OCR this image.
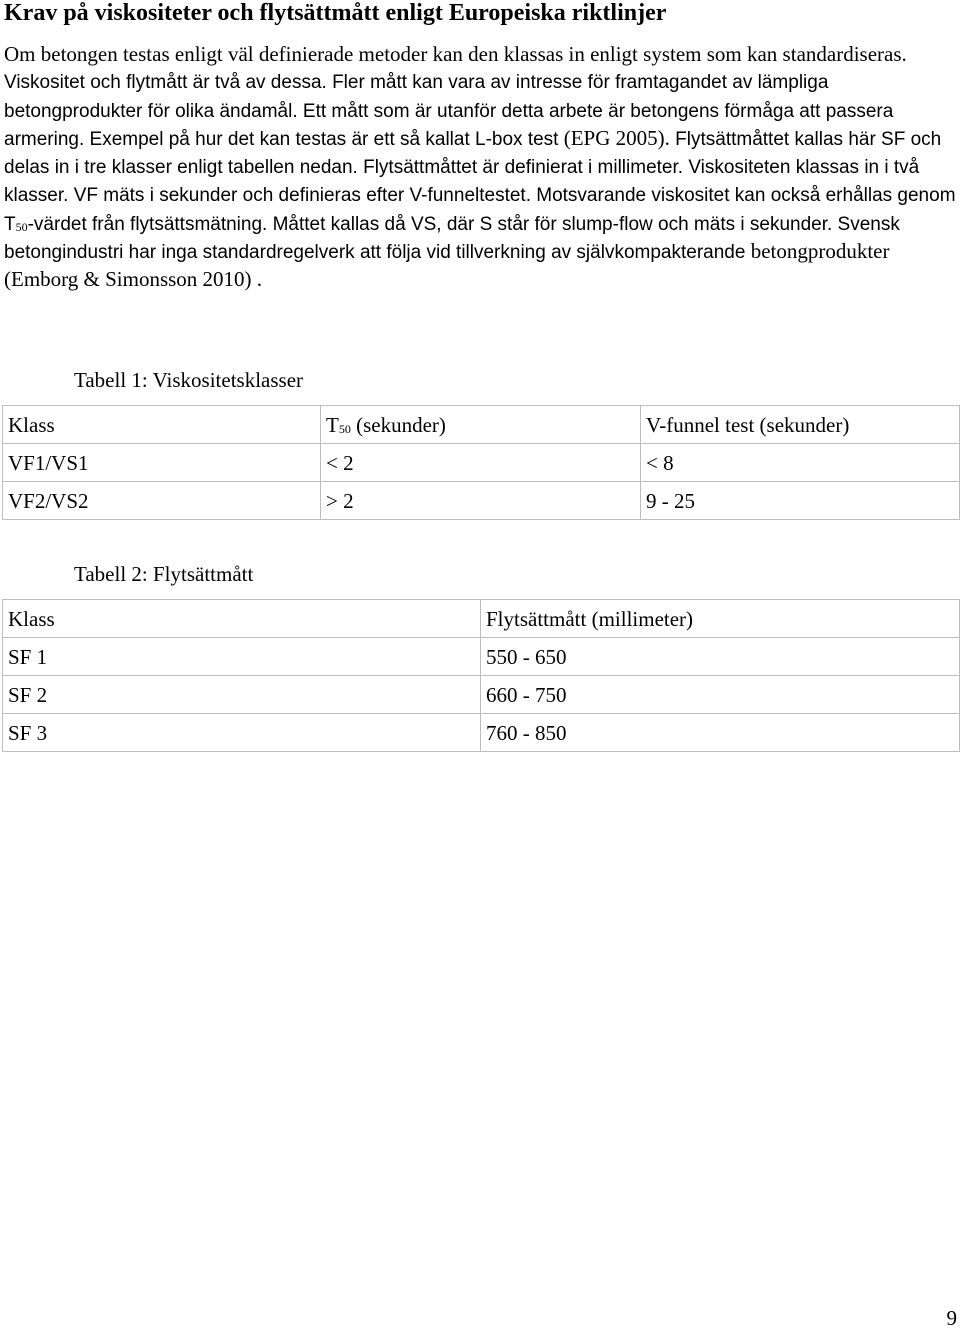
Krav på viskositeter och flytsättmått enligt Europeiska riktlinjer

Om betongen testas enligt väl definierade metoder kan den klassas in enligt system som kan standardiseras. Viskositet och flytmått är två av dessa. Fler mått kan vara av intresse för framtagandet av lämpliga betongprodukter för olika ändamål. Ett mått som är utanför detta arbete är betongens förmåga att passera armering. Exempel på hur det kan testas är ett så kallat L-box test (EPG 2005). Flytsättmåttet kallas här SF och delas in i tre klasser enligt tabellen nedan. Flytsättmåttet är definierat i millimeter. Viskositeten klassas in i två klasser. VF mäts i sekunder och definieras efter V-funneltestet. Motsvarande viskositet kan också erhållas genom $T_{50}$-värdet från flytsättsmätning. Måttet kallas då VS, där S står för slump-flow och mäts i sekunder. Svensk betongindustri har inga standardregelverk att följa vid tillverkning av självkompakterande betongprodukter (Emborg & Simonsson 2010) .

Tabell 1: Viskositetsklasser

Klass	$T_{50}$ (sekunder)	V-funnel test (sekunder)
VF1/VS1	< 2	< 8
VF2/VS2	> 2	9 - 25

Tabell 2: Flytsättmått

Klass	Flytsättmått (millimeter)
SF 1	550 - 650
SF 2	660 - 750
SF 3	760 - 850
9
